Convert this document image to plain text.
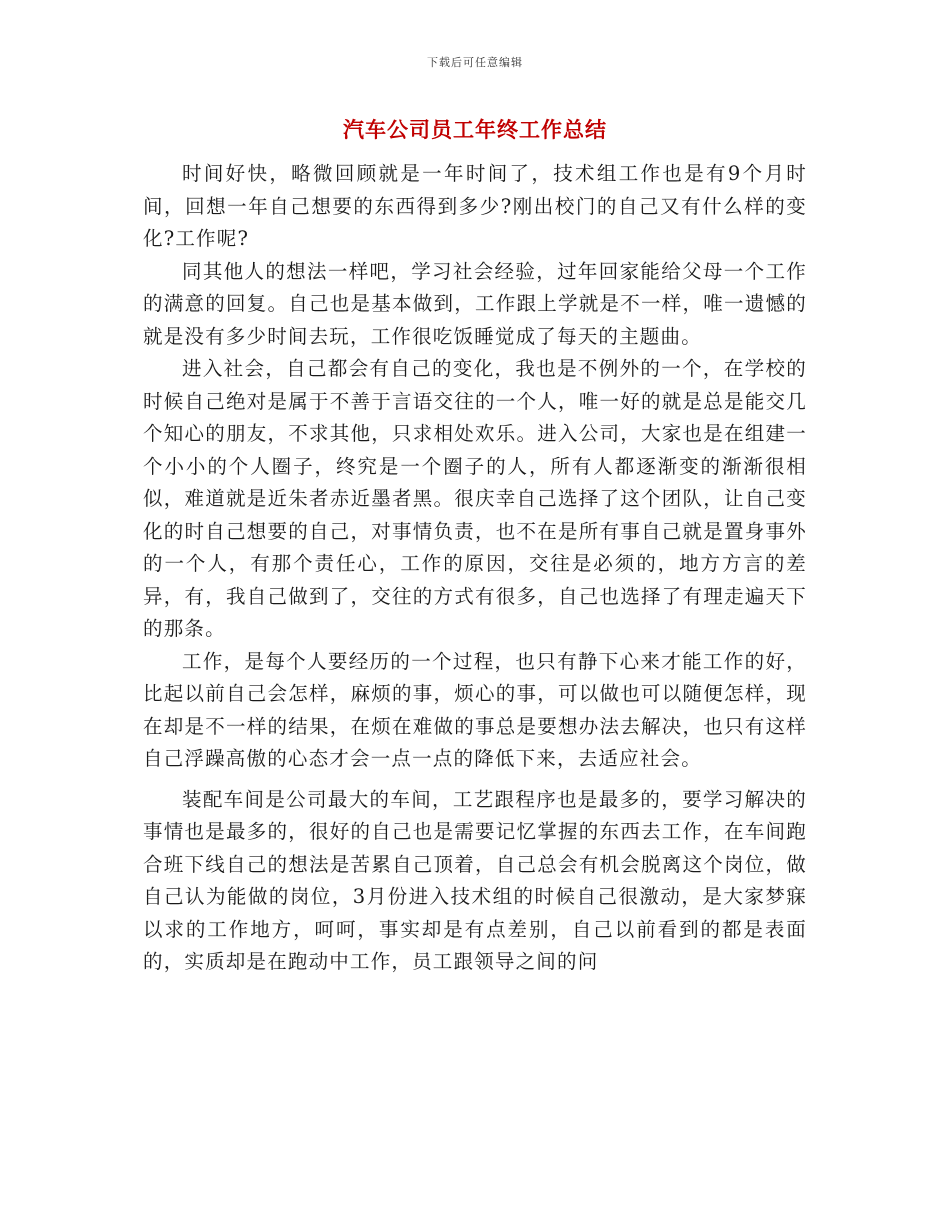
下载后可任意编辑
汽车公司员工年终工作总结

时间好快，略微回顾就是一年时间了，技术组工作也是有9个月时间，回想一年自己想要的东西得到多少?刚出校门的自己又有什么样的变化?工作呢?

同其他人的想法一样吧，学习社会经验，过年回家能给父母一个工作的满意的回复。自己也是基本做到，工作跟上学就是不一样，唯一遗憾的就是没有多少时间去玩，工作很吃饭睡觉成了每天的主题曲。

进入社会，自己都会有自己的变化，我也是不例外的一个，在学校的时候自己绝对是属于不善于言语交往的一个人，唯一好的就是总是能交几个知心的朋友，不求其他，只求相处欢乐。进入公司，大家也是在组建一个小小的个人圈子，终究是一个圈子的人，所有人都逐渐变的渐渐很相似，难道就是近朱者赤近墨者黑。很庆幸自己选择了这个团队，让自己变化的时自己想要的自己，对事情负责，也不在是所有事自己就是置身事外的一个人，有那个责任心，工作的原因，交往是必须的，地方方言的差异，有，我自己做到了，交往的方式有很多，自己也选择了有理走遍天下的那条。

工作，是每个人要经历的一个过程，也只有静下心来才能工作的好，比起以前自己会怎样，麻烦的事，烦心的事，可以做也可以随便怎样，现在却是不一样的结果，在烦在难做的事总是要想办法去解决，也只有这样自己浮躁高傲的心态才会一点一点的降低下来，去适应社会。

装配车间是公司最大的车间，工艺跟程序也是最多的，要学习解决的事情也是最多的，很好的自己也是需要记忆掌握的东西去工作，在车间跑合班下线自己的想法是苦累自己顶着，自己总会有机会脱离这个岗位，做自己认为能做的岗位，3月份进入技术组的时候自己很激动，是大家梦寐以求的工作地方，呵呵，事实却是有点差别，自己以前看到的都是表面的，实质却是在跑动中工作，员工跟领导之间的问
